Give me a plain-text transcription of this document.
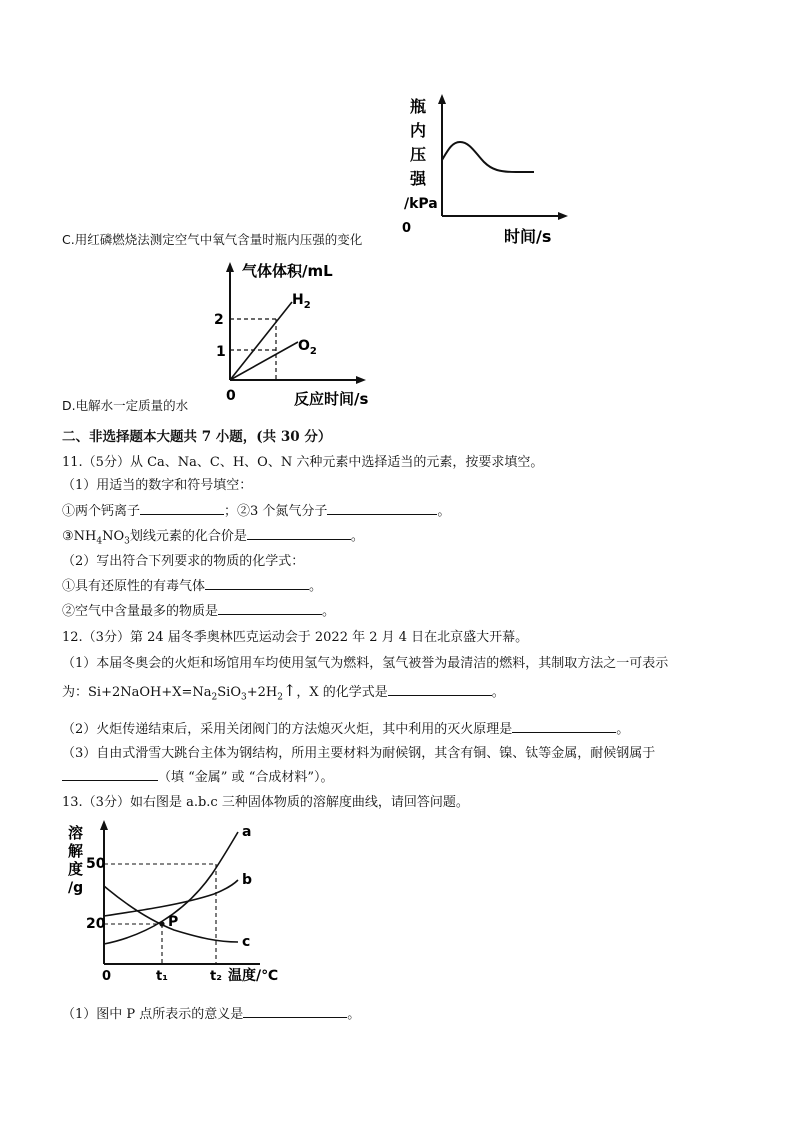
瓶
内
压
强
/kPa
0	时间/s
C.用红磷燃烧法测定空气中氧气含量时瓶内压强的变化
气体体积/mL
2
1
$H_2$
$O_2$
0	反应时间/s
D.电解水一定质量的水
二、非选择题本大题共 7 小题，(共 30 分）
11.（5分）从 Ca、Na、C、H、O、N 六种元素中选择适当的元素，按要求填空。
（1）用适当的数字和符号填空：
①两个钙离子	；②3 个氮气分子	。
$③NH_4NO_3$划线元素的化合价是	。
（2）写出符合下列要求的物质的化学式：
①具有还原性的有毒气体	。
②空气中含量最多的物质是	。
12.（3分）第 24 届冬季奥林匹克运动会于 2022 年 2 月 4 日在北京盛大开幕。
（1）本届冬奥会的火炬和场馆用车均使用氢气为燃料，氢气被誉为最清洁的燃料，其制取方法之一可表示
为：$Si+2NaOH+X=Na_2SiO_3+2H_2↑$，X 的化学式是	。
（2）火炬传递结束后，采用关闭阀门的方法熄灭火炬，其中利用的灭火原理是	。
（3）自由式滑雪大跳台主体为钢结构，所用主要材料为耐候钢，其含有铜、镍、钛等金属，耐候钢属于
（填 “金属” 或 “合成材料”）。
13.（3分）如右图是 a.b.c 三种固体物质的溶解度曲线，请回答问题。
溶
解
度
/g
50
20	P
a
b
c
0	t₁	t₂ 温度/℃
（1）图中 P 点所表示的意义是	。
